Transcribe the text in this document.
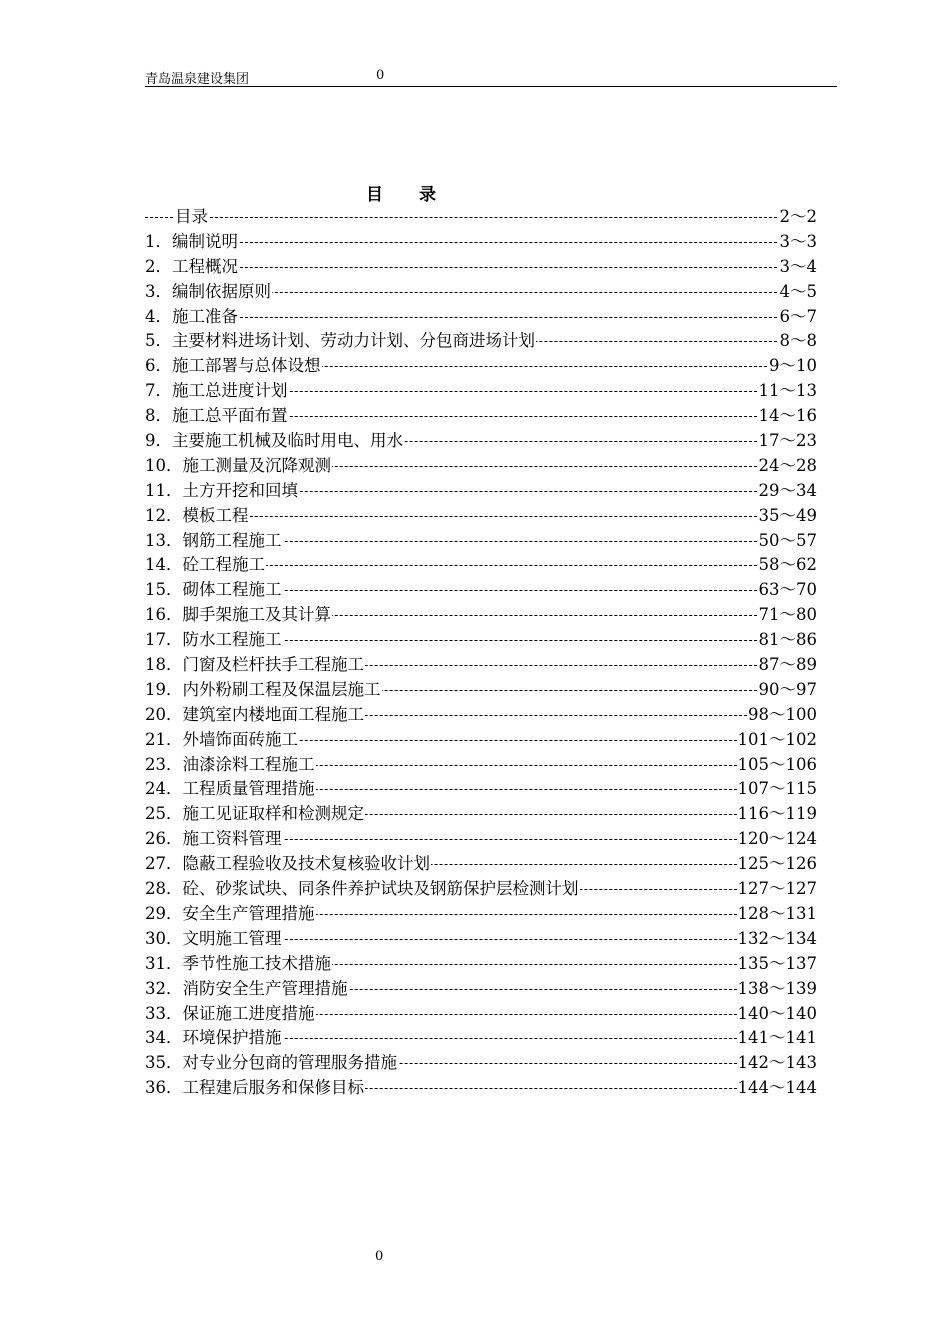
青岛温泉建设集团	0
目 录
目录	2～2
1．编制说明	3～3
2．工程概况	3～4
3．编制依据原则	4～5
4．施工准备	6～7
5．主要材料进场计划、劳动力计划、分包商进场计划	8～8
6．施工部署与总体设想	9～10
7．施工总进度计划	11～13
8．施工总平面布置	14～16
9．主要施工机械及临时用电、用水	17～23
10．施工测量及沉降观测	24～28
11．土方开挖和回填	29～34
12．模板工程	35～49
13．钢筋工程施工	50～57
14．砼工程施工	58～62
15．砌体工程施工	63～70
16．脚手架施工及其计算	71～80
17．防水工程施工	81～86
18．门窗及栏杆扶手工程施工	87～89
19．内外粉刷工程及保温层施工	90～97
20．建筑室内楼地面工程施工	98～100
21．外墙饰面砖施工	101～102
23．油漆涂料工程施工	105～106
24．工程质量管理措施	107～115
25．施工见证取样和检测规定	116～119
26．施工资料管理	120～124
27．隐蔽工程验收及技术复核验收计划	125～126
28．砼、砂浆试块、同条件养护试块及钢筋保护层检测计划	127～127
29．安全生产管理措施	128～131
30．文明施工管理	132～134
31．季节性施工技术措施	135～137
32．消防安全生产管理措施	138～139
33．保证施工进度措施	140～140
34．环境保护措施	141～141
35．对专业分包商的管理服务措施	142～143
36．工程建后服务和保修目标	144～144
0
